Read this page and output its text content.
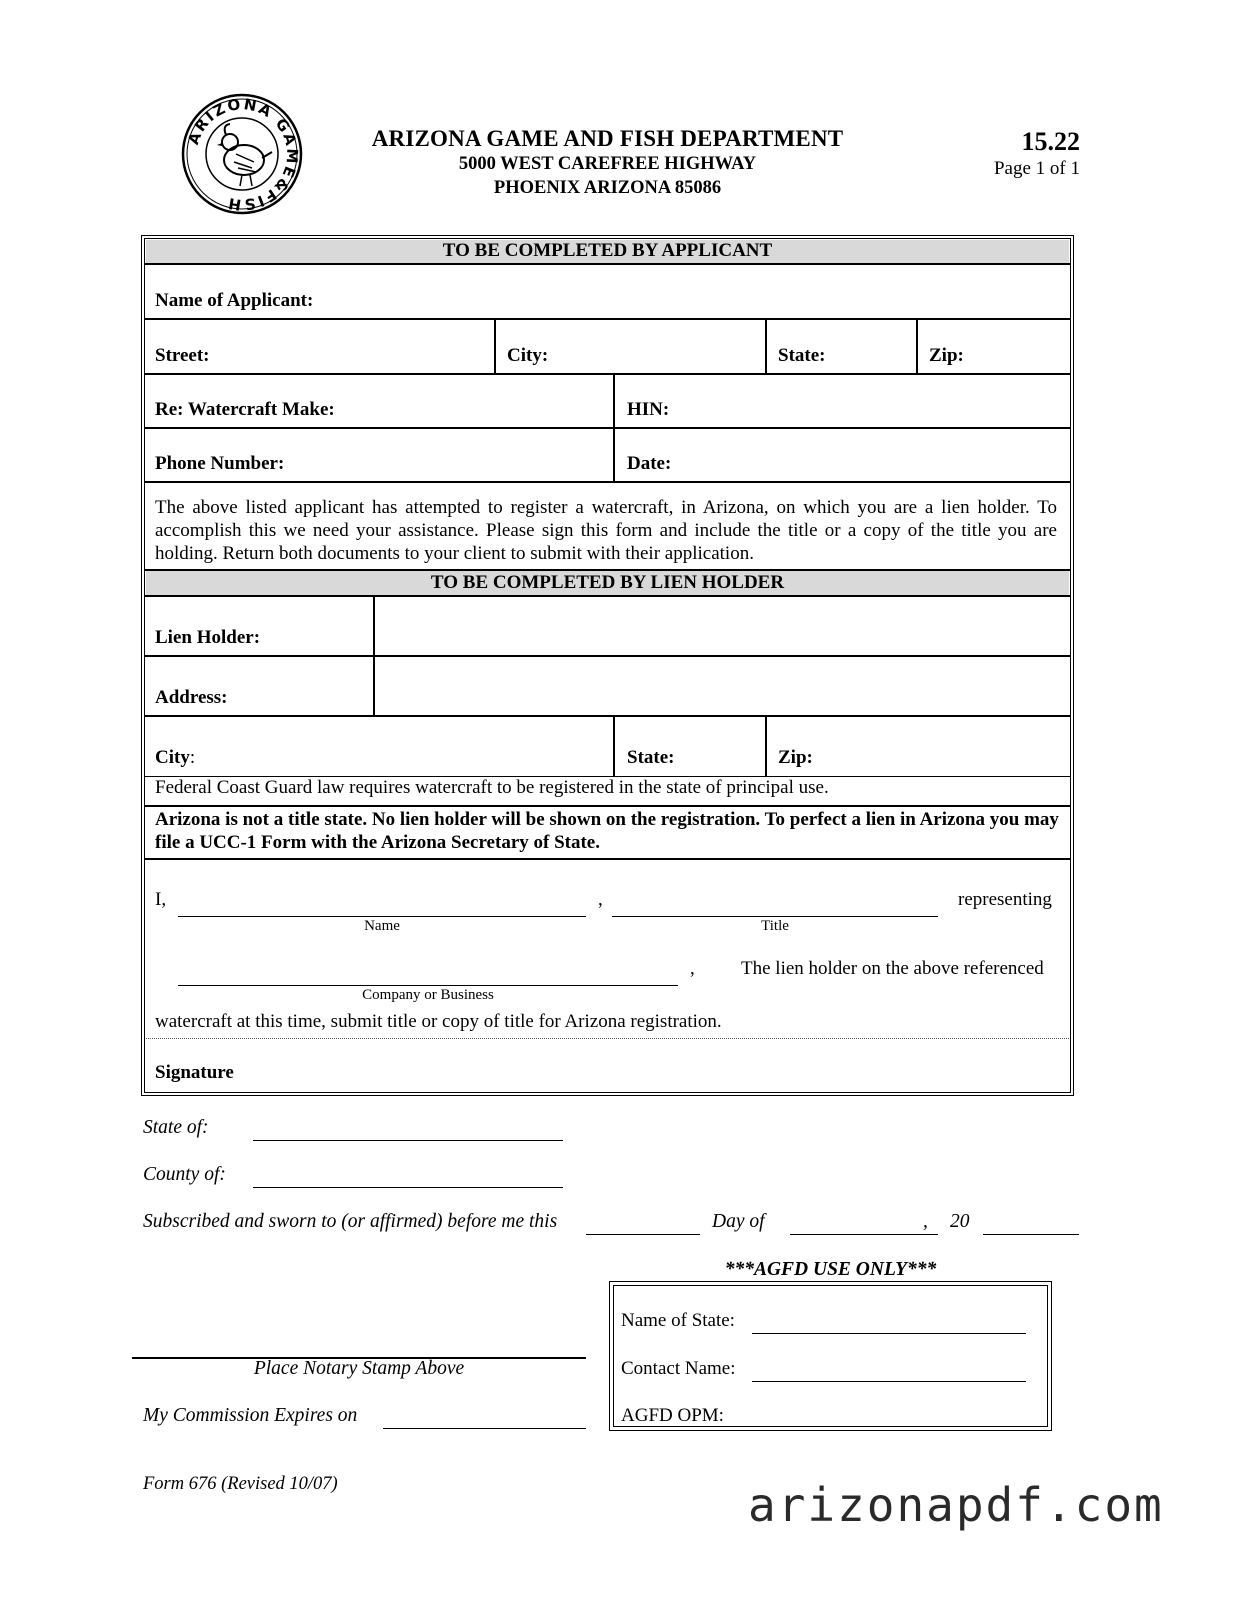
ARIZONA GAME&FISH
ARIZONA GAME AND FISH DEPARTMENT
5000 WEST CAREFREE HIGHWAY
PHOENIX ARIZONA 85086
15.22
Page 1 of 1
TO BE COMPLETED BY APPLICANT
Name of Applicant:
Street:	City:	State:	Zip:
Re: Watercraft Make:	HIN:
Phone Number:	Date:
The above listed applicant has attempted to register a watercraft, in Arizona, on which you are a lien holder. To accomplish this we need your assistance. Please sign this form and include the title or a copy of the title you are holding. Return both documents to your client to submit with their application.
TO BE COMPLETED BY LIEN HOLDER
Lien Holder:
Address:
City:	State:	Zip:
Federal Coast Guard law requires watercraft to be registered in the state of principal use.
Arizona is not a title state. No lien holder will be shown on the registration. To perfect a lien in Arizona you may file a UCC-1 Form with the Arizona Secretary of State.
I,
Name
,
Title
representing
Company or Business
, The lien holder on the above referenced
watercraft at this time, submit title or copy of title for Arizona registration.
Signature
State of:
County of:
Subscribed and sworn to (or affirmed) before me this	Day of	, 20
Place Notary Stamp Above
My Commission Expires on
***AGFD USE ONLY***
Name of State:
Contact Name:
AGFD OPM:
Form 676 (Revised 10/07)	arizonapdf.com
